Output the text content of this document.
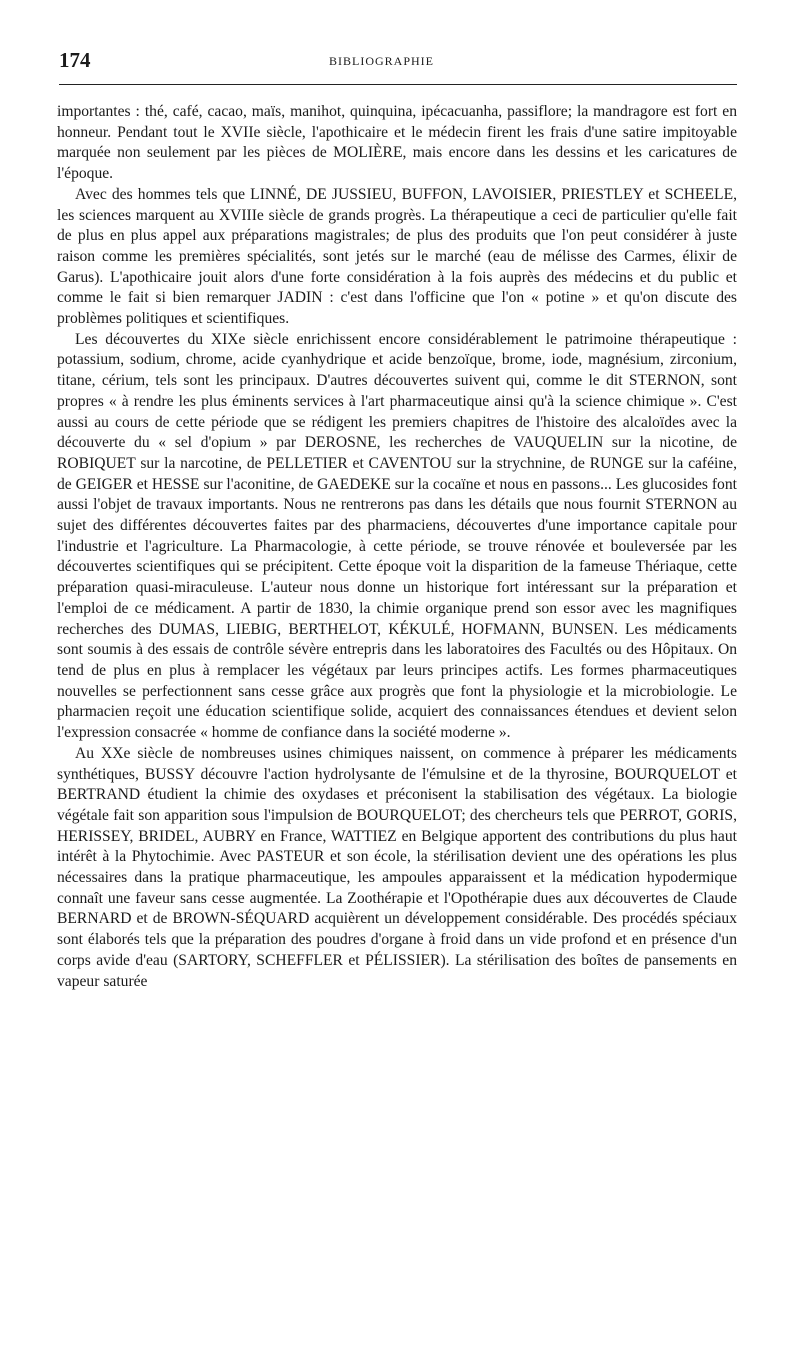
174	BIBLIOGRAPHIE

importantes : thé, café, cacao, maïs, manihot, quinquina, ipécacuanha, passiflore; la mandragore est fort en honneur. Pendant tout le XVIIe siècle, l'apothicaire et le médecin firent les frais d'une satire impitoyable marquée non seulement par les pièces de MOLIÈRE, mais encore dans les dessins et les caricatures de l'époque.

Avec des hommes tels que LINNÉ, DE JUSSIEU, BUFFON, LAVOISIER, PRIESTLEY et SCHEELE, les sciences marquent au XVIIIe siècle de grands progrès. La thérapeutique a ceci de particulier qu'elle fait de plus en plus appel aux préparations magistrales; de plus des produits que l'on peut considérer à juste raison comme les premières spécialités, sont jetés sur le marché (eau de mélisse des Carmes, élixir de Garus). L'apothicaire jouit alors d'une forte considération à la fois auprès des médecins et du public et comme le fait si bien remarquer JADIN : c'est dans l'officine que l'on « potine » et qu'on discute des problèmes politiques et scientifiques.

Les découvertes du XIXe siècle enrichissent encore considérablement le patrimoine thérapeutique : potassium, sodium, chrome, acide cyanhydrique et acide benzoïque, brome, iode, magnésium, zirconium, titane, cérium, tels sont les principaux. D'autres découvertes suivent qui, comme le dit STERNON, sont propres « à rendre les plus éminents services à l'art pharmaceutique ainsi qu'à la science chimique ». C'est aussi au cours de cette période que se rédigent les premiers chapitres de l'histoire des alcaloïdes avec la découverte du « sel d'opium » par DEROSNE, les recherches de VAUQUELIN sur la nicotine, de ROBIQUET sur la narcotine, de PELLETIER et CAVENTOU sur la strychnine, de RUNGE sur la caféine, de GEIGER et HESSE sur l'aconitine, de GAEDEKE sur la cocaïne et nous en passons... Les glucosides font aussi l'objet de travaux importants. Nous ne rentrerons pas dans les détails que nous fournit STERNON au sujet des différentes découvertes faites par des pharmaciens, découvertes d'une importance capitale pour l'industrie et l'agriculture. La Pharmacologie, à cette période, se trouve rénovée et bouleversée par les découvertes scientifiques qui se précipitent. Cette époque voit la disparition de la fameuse Thériaque, cette préparation quasi-miraculeuse. L'auteur nous donne un historique fort intéressant sur la préparation et l'emploi de ce médicament. A partir de 1830, la chimie organique prend son essor avec les magnifiques recherches des DUMAS, LIEBIG, BERTHELOT, KÉKULÉ, HOFMANN, BUNSEN. Les médicaments sont soumis à des essais de contrôle sévère entrepris dans les laboratoires des Facultés ou des Hôpitaux. On tend de plus en plus à remplacer les végétaux par leurs principes actifs. Les formes pharmaceutiques nouvelles se perfectionnent sans cesse grâce aux progrès que font la physiologie et la microbiologie. Le pharmacien reçoit une éducation scientifique solide, acquiert des connaissances étendues et devient selon l'expression consacrée « homme de confiance dans la société moderne ».

Au XXe siècle de nombreuses usines chimiques naissent, on commence à préparer les médicaments synthétiques, BUSSY découvre l'action hydrolysante de l'émulsine et de la thyrosine, BOURQUELOT et BERTRAND étudient la chimie des oxydases et préconisent la stabilisation des végétaux. La biologie végétale fait son apparition sous l'impulsion de BOURQUELOT; des chercheurs tels que PERROT, GORIS, HERISSEY, BRIDEL, AUBRY en France, WATTIEZ en Belgique apportent des contributions du plus haut intérêt à la Phytochimie. Avec PASTEUR et son école, la stérilisation devient une des opérations les plus nécessaires dans la pratique pharmaceutique, les ampoules apparaissent et la médication hypodermique connaît une faveur sans cesse augmentée. La Zoothérapie et l'Opothérapie dues aux découvertes de Claude BERNARD et de BROWN-SÉQUARD acquièrent un développement considérable. Des procédés spéciaux sont élaborés tels que la préparation des poudres d'organe à froid dans un vide profond et en présence d'un corps avide d'eau (SARTORY, SCHEFFLER et PÉLISSIER). La stérilisation des boîtes de pansements en vapeur saturée
